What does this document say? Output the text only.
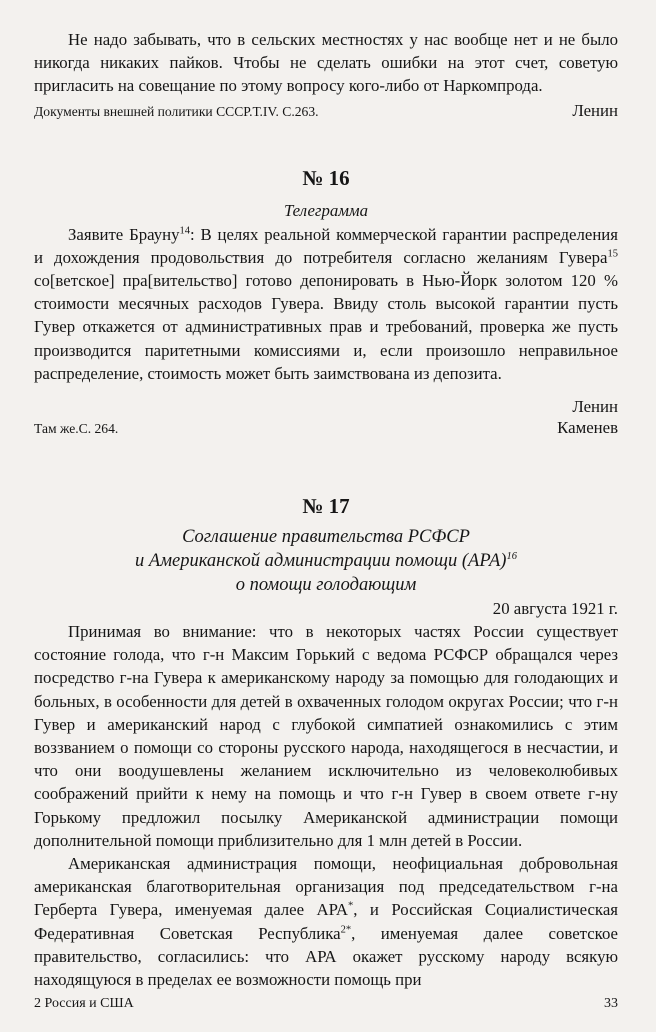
Не надо забывать, что в сельских местностях у нас вообще нет и не было никогда никаких пайков. Чтобы не сделать ошибки на этот счет, советую пригласить на совещание по этому вопросу кого-либо от Наркомпрода.

Документы внешней политики СССР.Т.IV. С.263.	Ленин
№ 16
Телеграмма

Заявите Брауну$^{14}$: В целях реальной коммерческой гарантии распределения и дохождения продовольствия до потребителя согласно желаниям Гувера$^{15}$ со[ветское] пра[вительство] готово депонировать в Нью-Йорк золотом 120 % стоимости месячных расходов Гувера. Ввиду столь высокой гарантии пусть Гувер откажется от административных прав и требований, проверка же пусть производится паритетными комиссиями и, если произошло неправильное распределение, стоимость может быть заимствована из депозита.

Ленин
Там же.С. 264.	Каменев
№ 17
Соглашение правительства РСФСР
и Американской администрации помощи (АРА)$^{16}$
о помощи голодающим
20 августа 1921 г.

Принимая во внимание: что в некоторых частях России существует состояние голода, что г-н Максим Горький с ведома РСФСР обращался через посредство г-на Гувера к американскому народу за помощью для голодающих и больных, в особенности для детей в охваченных голодом округах России; что г-н Гувер и американский народ с глубокой симпатией ознакомились с этим воззванием о помощи со стороны русского народа, находящегося в несчастии, и что они воодушевлены желанием исключительно из человеколюбивых соображений прийти к нему на помощь и что г-н Гувер в своем ответе г-ну Горькому предложил посылку Американской администрации помощи дополнительной помощи приблизительно для 1 млн детей в России.

Американская администрация помощи, неофициальная добровольная американская благотворительная организация под председательством г-на Герберта Гувера, именуемая далее АРА*, и Российская Социалистическая Федеративная Советская Республика$^{2*}$, именуемая далее советское правительство, согласились: что АРА окажет русскому народу всякую находящуюся в пределах ее возможности помощь при

2 Россия и США	33
